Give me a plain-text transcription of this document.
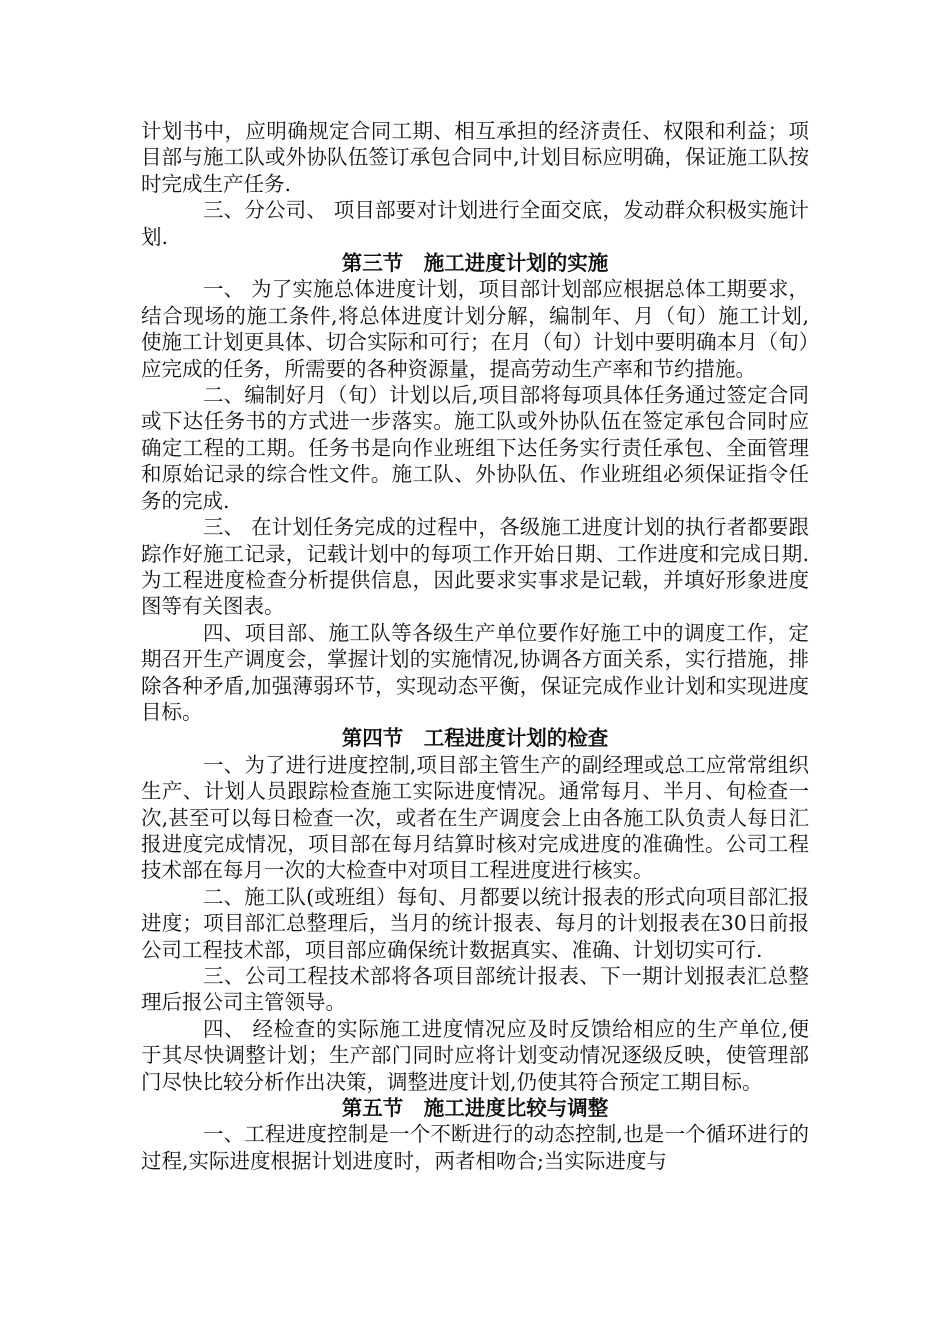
计划书中，应明确规定合同工期、相互承担的经济责任、权限和利益；项目部与施工队或外协队伍签订承包合同中,计划目标应明确，保证施工队按时完成生产任务.

三、分公司、 项目部要对计划进行全面交底，发动群众积极实施计划.

第三节　施工进度计划的实施

一、 为了实施总体进度计划，项目部计划部应根据总体工期要求，结合现场的施工条件,将总体进度计划分解，编制年、月（旬）施工计划,使施工计划更具体、切合实际和可行；在月（旬）计划中要明确本月（旬）应完成的任务，所需要的各种资源量，提高劳动生产率和节约措施。

二、编制好月（旬）计划以后,项目部将每项具体任务通过签定合同或下达任务书的方式进一步落实。施工队或外协队伍在签定承包合同时应确定工程的工期。任务书是向作业班组下达任务实行责任承包、全面管理和原始记录的综合性文件。施工队、外协队伍、作业班组必须保证指令任务的完成.

三、 在计划任务完成的过程中，各级施工进度计划的执行者都要跟踪作好施工记录，记载计划中的每项工作开始日期、工作进度和完成日期.为工程进度检查分析提供信息，因此要求实事求是记载，并填好形象进度图等有关图表。

四、项目部、施工队等各级生产单位要作好施工中的调度工作，定期召开生产调度会，掌握计划的实施情况,协调各方面关系，实行措施，排除各种矛盾,加强薄弱环节，实现动态平衡，保证完成作业计划和实现进度目标。

第四节　工程进度计划的检查

一、为了进行进度控制,项目部主管生产的副经理或总工应常常组织生产、计划人员跟踪检查施工实际进度情况。通常每月、半月、旬检查一次,甚至可以每日检查一次，或者在生产调度会上由各施工队负责人每日汇报进度完成情况，项目部在每月结算时核对完成进度的准确性。公司工程技术部在每月一次的大检查中对项目工程进度进行核实。

二、施工队(或班组）每旬、月都要以统计报表的形式向项目部汇报进度；项目部汇总整理后，当月的统计报表、每月的计划报表在30日前报公司工程技术部，项目部应确保统计数据真实、准确、计划切实可行.

三、公司工程技术部将各项目部统计报表、下一期计划报表汇总整理后报公司主管领导。

四、 经检查的实际施工进度情况应及时反馈给相应的生产单位,便于其尽快调整计划；生产部门同时应将计划变动情况逐级反映，使管理部门尽快比较分析作出决策，调整进度计划,仍使其符合预定工期目标。

第五节　施工进度比较与调整

一、工程进度控制是一个不断进行的动态控制,也是一个循环进行的过程,实际进度根据计划进度时，两者相吻合;当实际进度与
